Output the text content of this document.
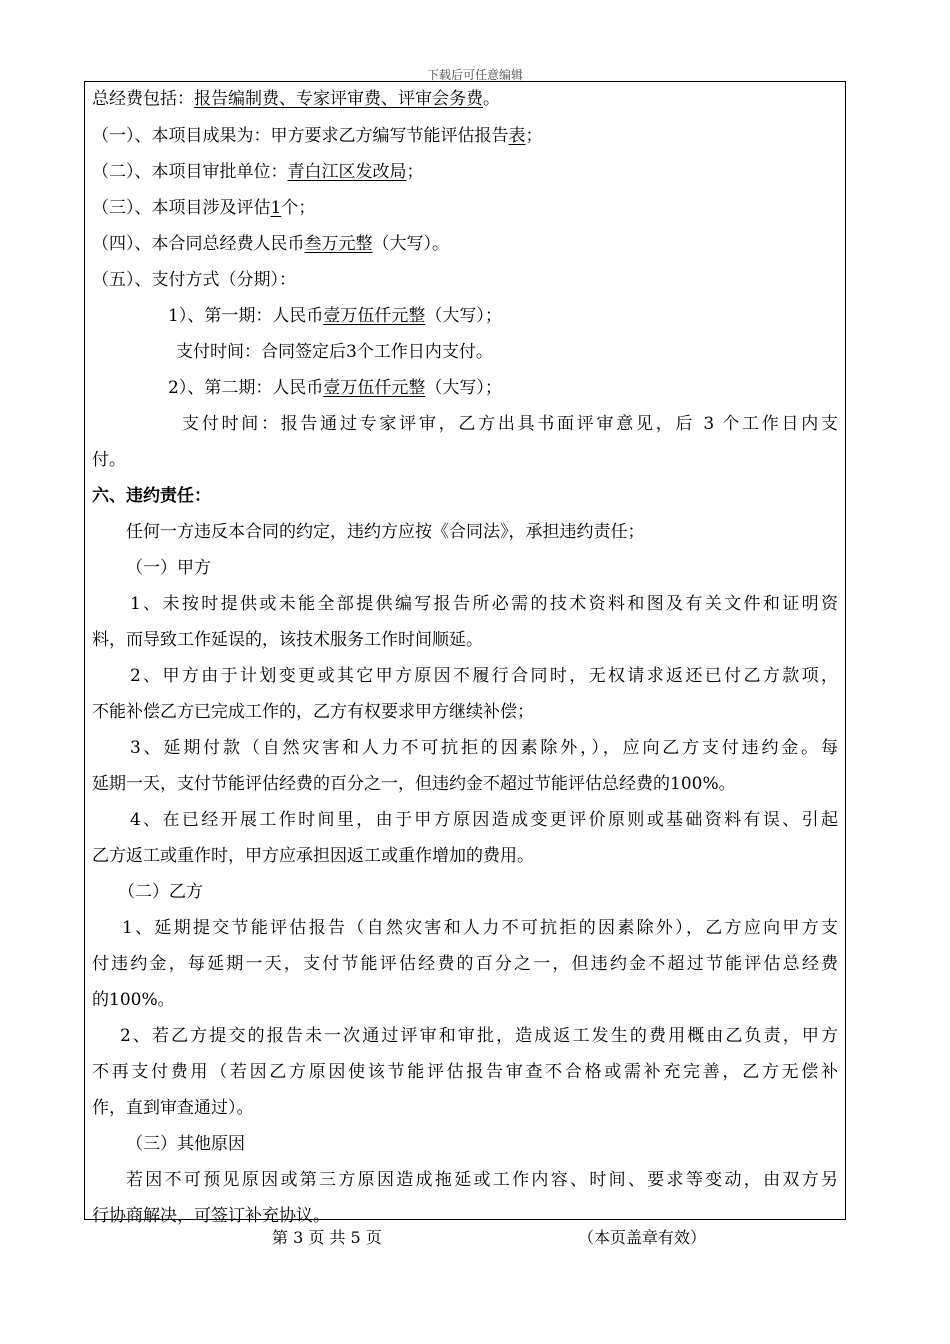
下载后可任意编辑
总经费包括：报告编制费、专家评审费、评审会务费。
（一）、本项目成果为：甲方要求乙方编写节能评估报告表；
（二）、本项目审批单位：青白江区发改局；
（三）、本项目涉及评估1个；
（四）、本合同总经费人民币叁万元整（大写）。
（五）、支付方式（分期）：
1）、第一期：人民币壹万伍仟元整（大写）；
支付时间：合同签定后3个工作日内支付。
2）、第二期：人民币壹万伍仟元整（大写）；
支付时间：报告通过专家评审，乙方出具书面评审意见，后 3 个工作日内支
付。
六、违约责任：
任何一方违反本合同的约定，违约方应按《合同法》，承担违约责任；
（一）甲方
1、未按时提供或未能全部提供编写报告所必需的技术资料和图及有关文件和证明资
料，而导致工作延误的，该技术服务工作时间顺延。
2、甲方由于计划变更或其它甲方原因不履行合同时，无权请求返还已付乙方款项，
不能补偿乙方已完成工作的，乙方有权要求甲方继续补偿；
3、延期付款（自然灾害和人力不可抗拒的因素除外，），应向乙方支付违约金。每
延期一天，支付节能评估经费的百分之一，但违约金不超过节能评估总经费的100%。
4、在已经开展工作时间里，由于甲方原因造成变更评价原则或基础资料有误、引起
乙方返工或重作时，甲方应承担因返工或重作增加的费用。
（二）乙方
1、延期提交节能评估报告（自然灾害和人力不可抗拒的因素除外），乙方应向甲方支
付违约金，每延期一天，支付节能评估经费的百分之一，但违约金不超过节能评估总经费
的100%。
2、若乙方提交的报告未一次通过评审和审批，造成返工发生的费用概由乙负责，甲方
不再支付费用（若因乙方原因使该节能评估报告审查不合格或需补充完善，乙方无偿补
作，直到审查通过）。
（三）其他原因
若因不可预见原因或第三方原因造成拖延或工作内容、时间、要求等变动，由双方另
行协商解决，可签订补充协议。
第 3 页 共 5 页	（本页盖章有效）
